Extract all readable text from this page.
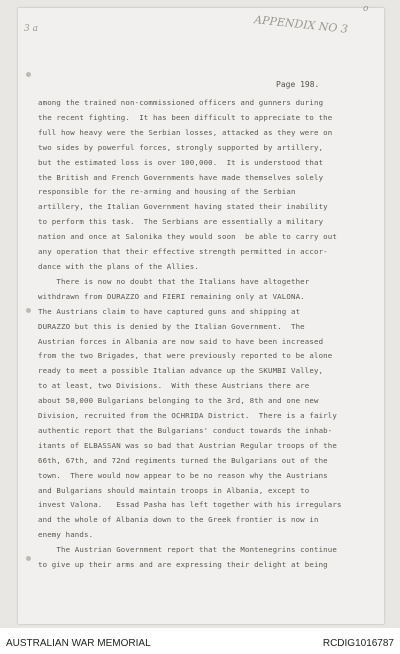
APPENDIX NO 3
3 a
o
Page 198.
among the trained non-commissioned officers and gunners during
the recent fighting.  It has been difficult to appreciate to the
full how heavy were the Serbian losses, attacked as they were on
two sides by powerful forces, strongly supported by artillery,
but the estimated loss is over 100,000.  It is understood that
the British and French Governments have made themselves solely
responsible for the re-arming and housing of the Serbian
artillery, the Italian Government having stated their inability
to perform this task.  The Serbians are essentially a military
nation and once at Salonika they would soon  be able to carry out
any operation that their effective strength permitted in accor-
dance with the plans of the Allies.
There is now no doubt that the Italians have altogether
withdrawn from DURAZZO and FIERI remaining only at VALONA.
The Austrians claim to have captured guns and shipping at
DURAZZO but this is denied by the Italian Government.  The
Austrian forces in Albania are now said to have been increased
from the two Brigades, that were previously reported to be alone
ready to meet a possible Italian advance up the SKUMBI Valley,
to at least, two Divisions.  With these Austrians there are
about 50,000 Bulgarians belonging to the 3rd, 8th and one new
Division, recruited from the OCHRIDA District.  There is a fairly
authentic report that the Bulgarians' conduct towards the inhab-
itants of ELBASSAN was so bad that Austrian Regular troops of the
66th, 67th, and 72nd regiments turned the Bulgarians out of the
town.  There would now appear to be no reason why the Austrians
and Bulgarians should maintain troops in Albania, except to
invest Valona.   Essad Pasha has left together with his irregulars
and the whole of Albania down to the Greek frontier is now in
enemy hands.
The Austrian Government report that the Montenegrins continue
to give up their arms and are expressing their delight at being
AUSTRALIAN WAR MEMORIAL	RCDIG1016787
